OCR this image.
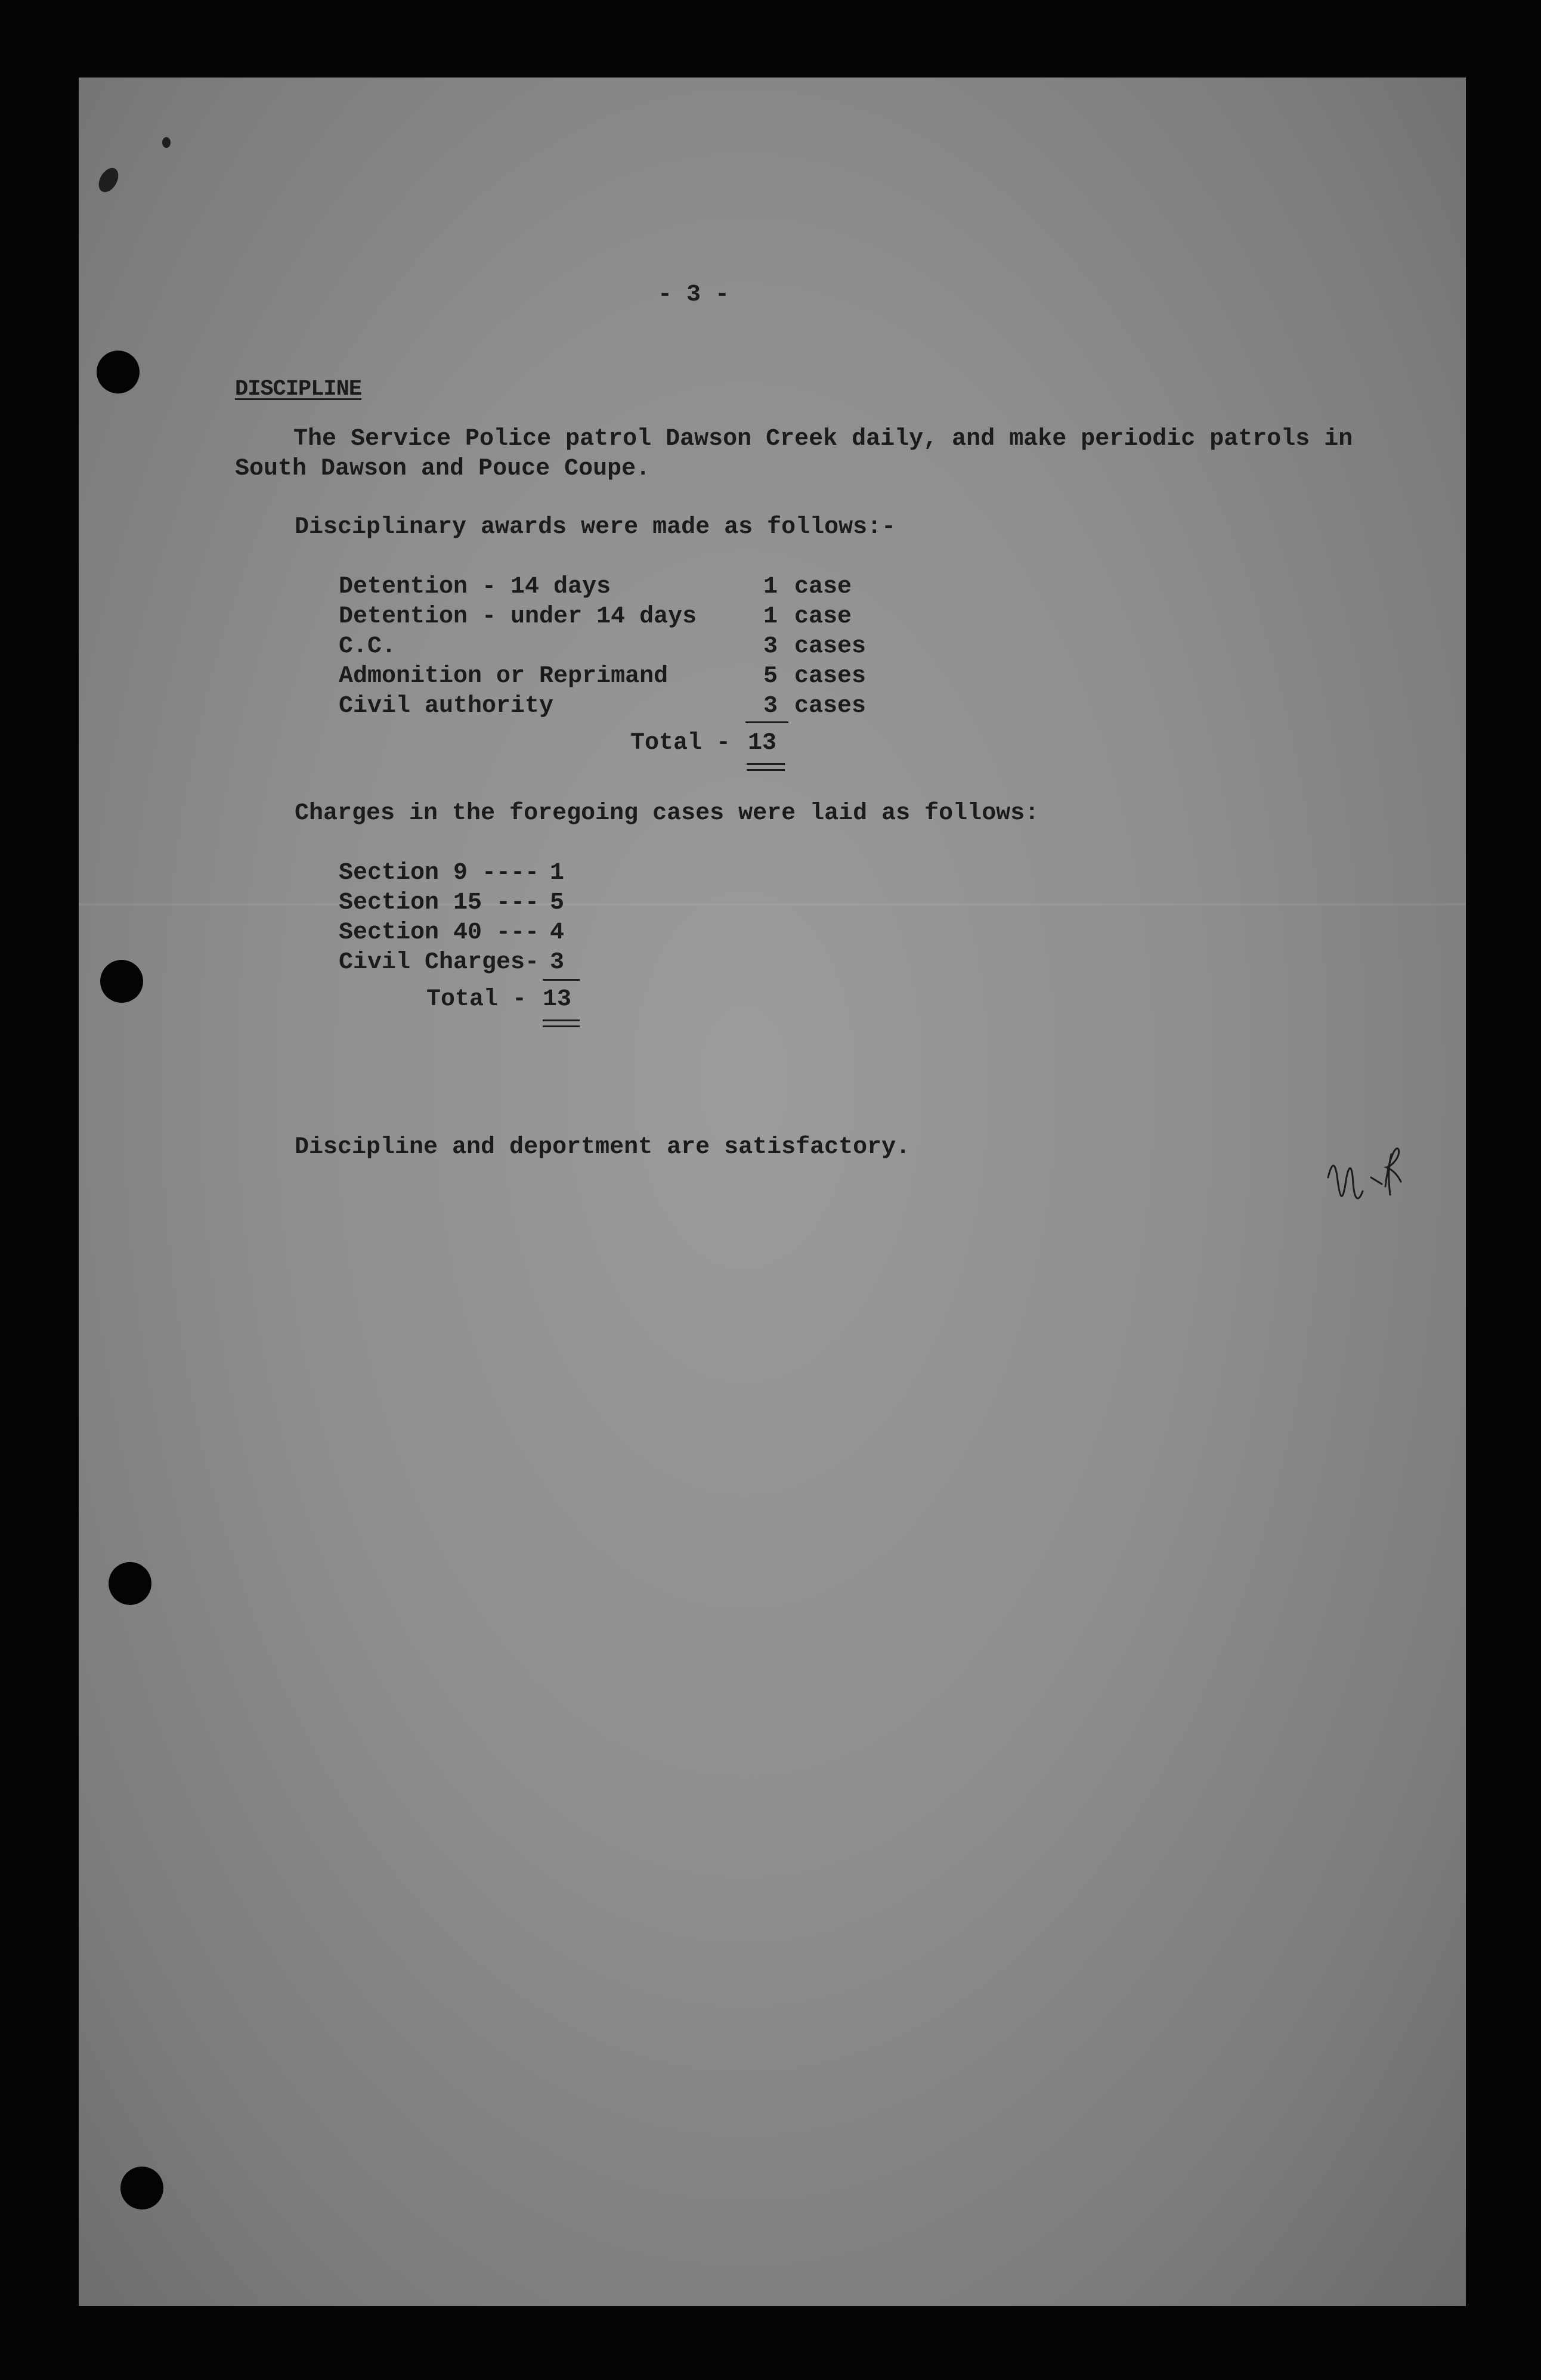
- 3 -

DISCIPLINE

The Service Police patrol Dawson Creek daily, and make periodic patrols in

South Dawson and Pouce Coupe.

Disciplinary awards were made as follows:-

Detention - 14 days	1 case

Detention - under 14 days	1 case

C.C.	3 cases

Admonition or Reprimand	5 cases

Civil authority	3 cases

Total - 13

Charges in the foregoing cases were laid as follows:

Section 9 ---- 1

Section 15 --- 5

Section 40 --- 4

Civil Charges- 3

Total - 13

Discipline and deportment are satisfactory.
